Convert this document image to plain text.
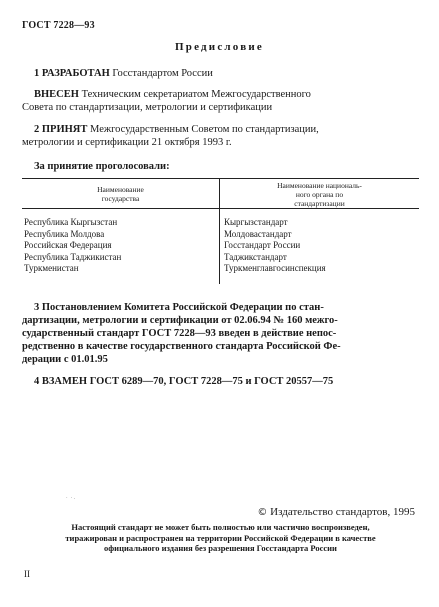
ГОСТ 7228—93
Предисловие
1 РАЗРАБОТАН Госстандартом России
ВНЕСЕН Техническим секретариатом Межгосударственного
Совета по стандартизации, метрологии и сертификации
2 ПРИНЯТ Межгосударственным Советом по стандартизации,
метрологии и сертификации 21 октября 1993 г.
За принятие проголосовали:
Наименование
государства
Наименование националь-
ного органа по
стандартизации
Республика Кыргызстан
Республика Молдова
Российская Федерация
Республика Таджикистан
Туркменистан
Кыргызстандарт
Молдовастандарт
Госстандарт России
Таджикстандарт
Туркменглавгосинспекция
3 Постановлением Комитета Российской Федерации по стан-
дартизации, метрологии и сертификации от 02.06.94 № 160 межго-
сударственный стандарт ГОСТ 7228—93 введен в действие непос-
редственно в качестве государственного стандарта Российской Фе-
дерации с 01.01.95
4 ВЗАМЕН ГОСТ 6289—70, ГОСТ 7228—75 и ГОСТ 20557—75
· ·.
© Издательство стандартов, 1995
Настоящий стандарт не может быть полностью или частично воспроизведен,
тиражирован и распространен на территории Российской Федерации в качестве
официального издания без разрешения Госстандарта России
II
